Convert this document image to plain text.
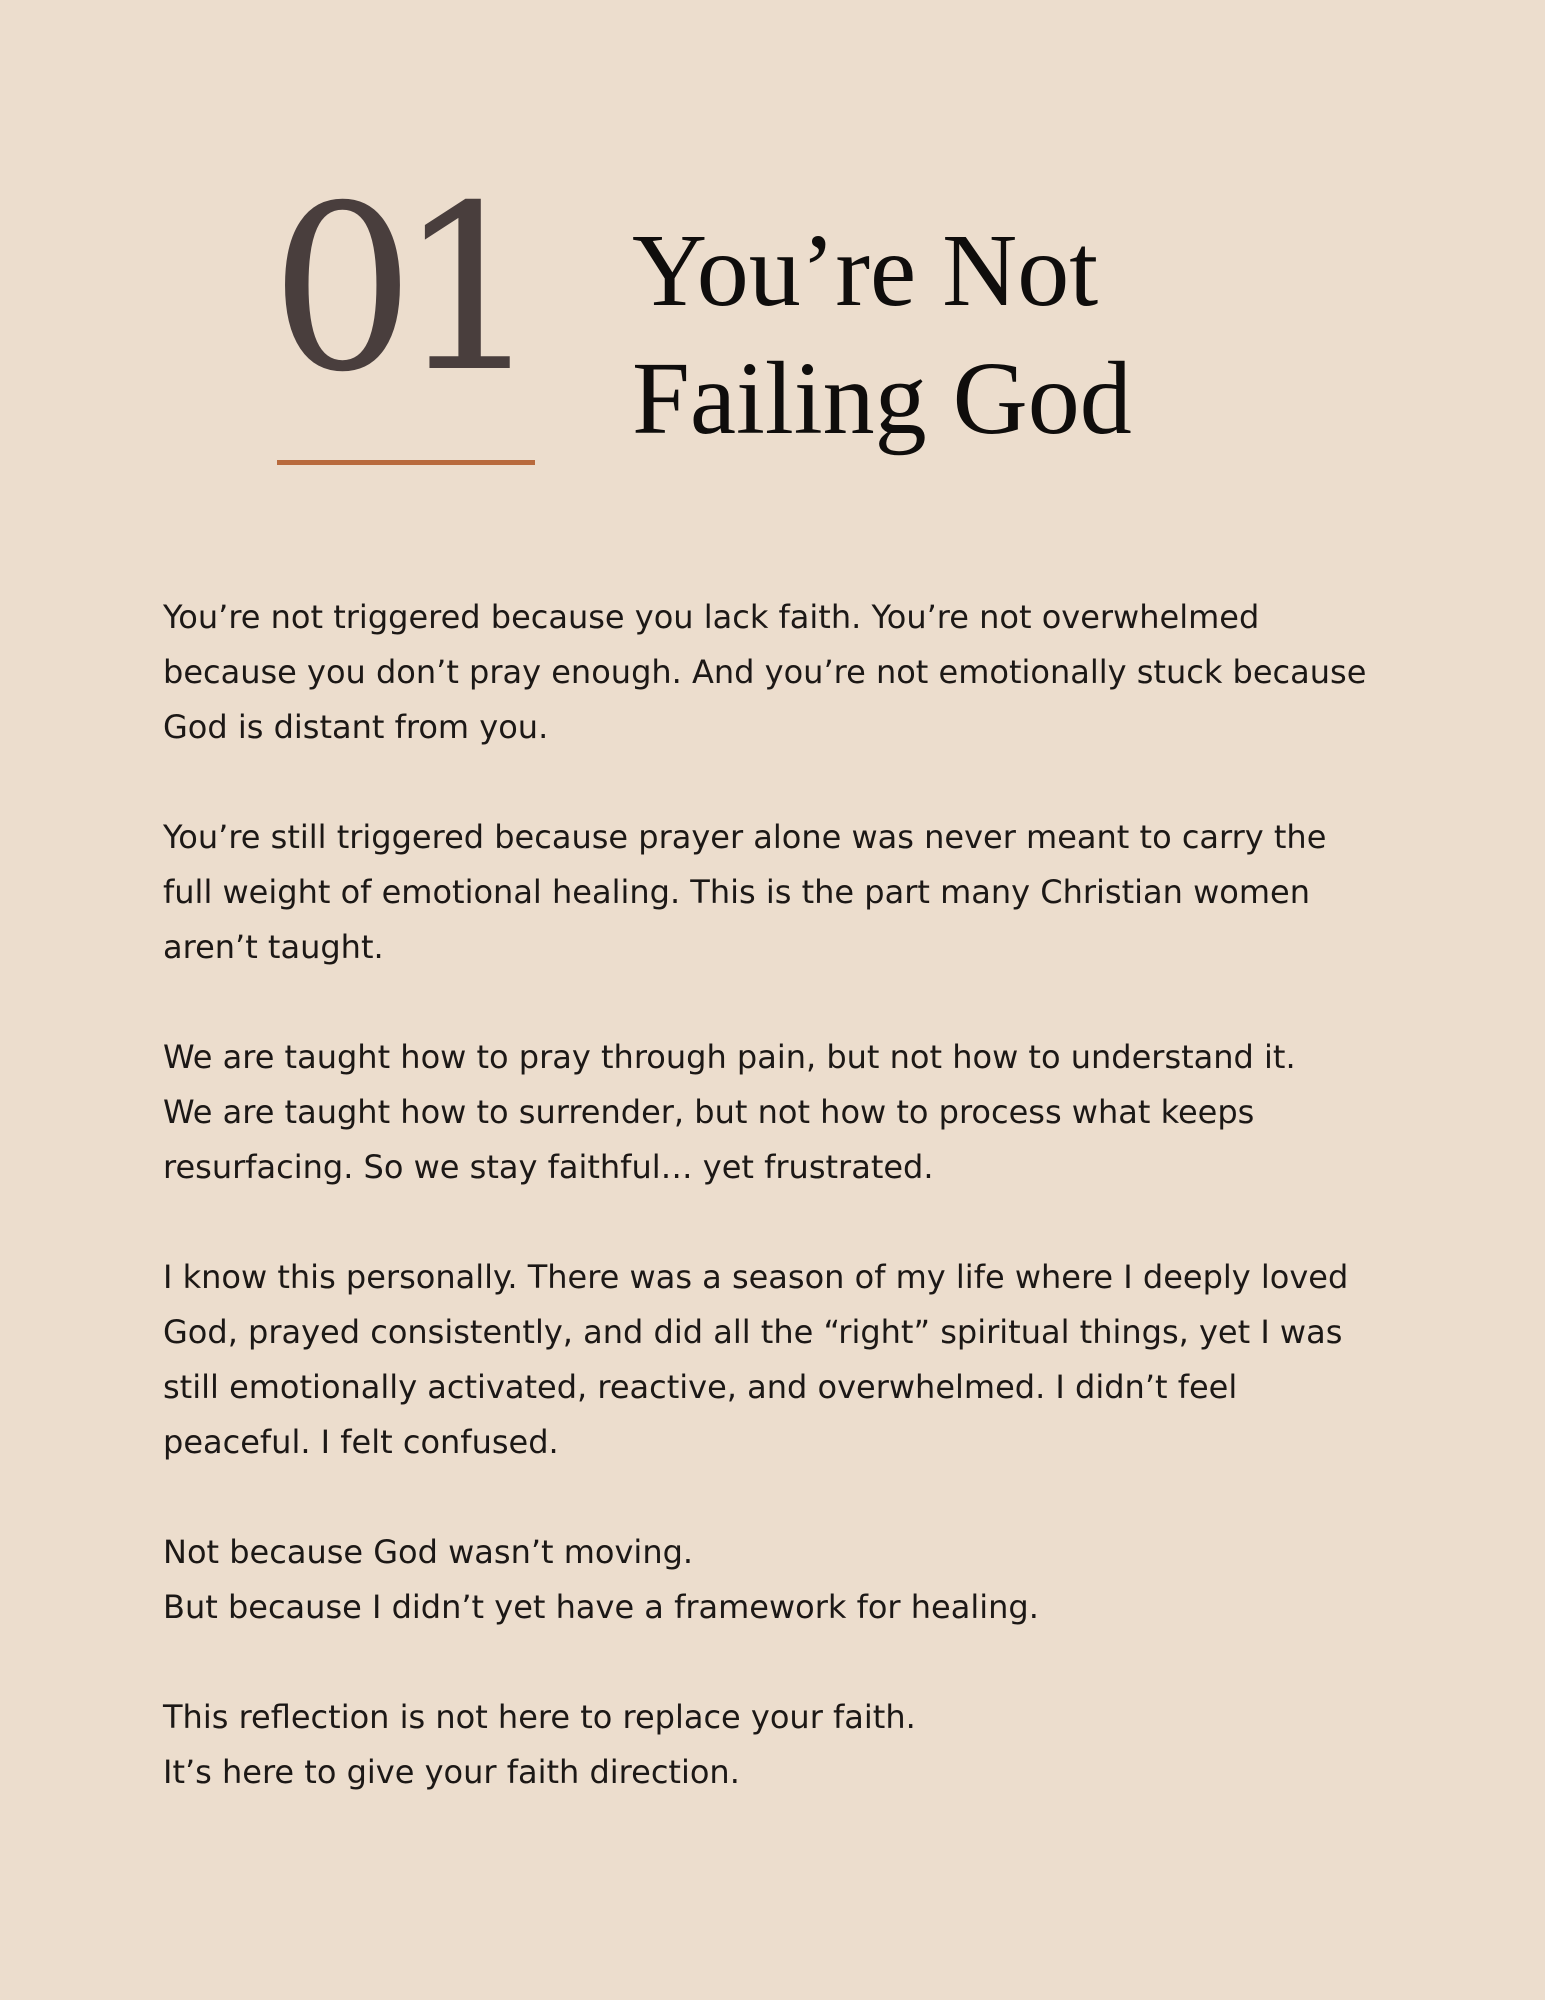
01 You’re Not
Failing God

You’re not triggered because you lack faith. You’re not overwhelmed
because you don’t pray enough. And you’re not emotionally stuck because
God is distant from you.

You’re still triggered because prayer alone was never meant to carry the
full weight of emotional healing. This is the part many Christian women
aren’t taught.

We are taught how to pray through pain, but not how to understand it.
We are taught how to surrender, but not how to process what keeps
resurfacing. So we stay faithful… yet frustrated.

I know this personally. There was a season of my life where I deeply loved
God, prayed consistently, and did all the “right” spiritual things, yet I was
still emotionally activated, reactive, and overwhelmed. I didn’t feel
peaceful. I felt confused.

Not because God wasn’t moving.
But because I didn’t yet have a framework for healing.

This reflection is not here to replace your faith.
It’s here to give your faith direction.
